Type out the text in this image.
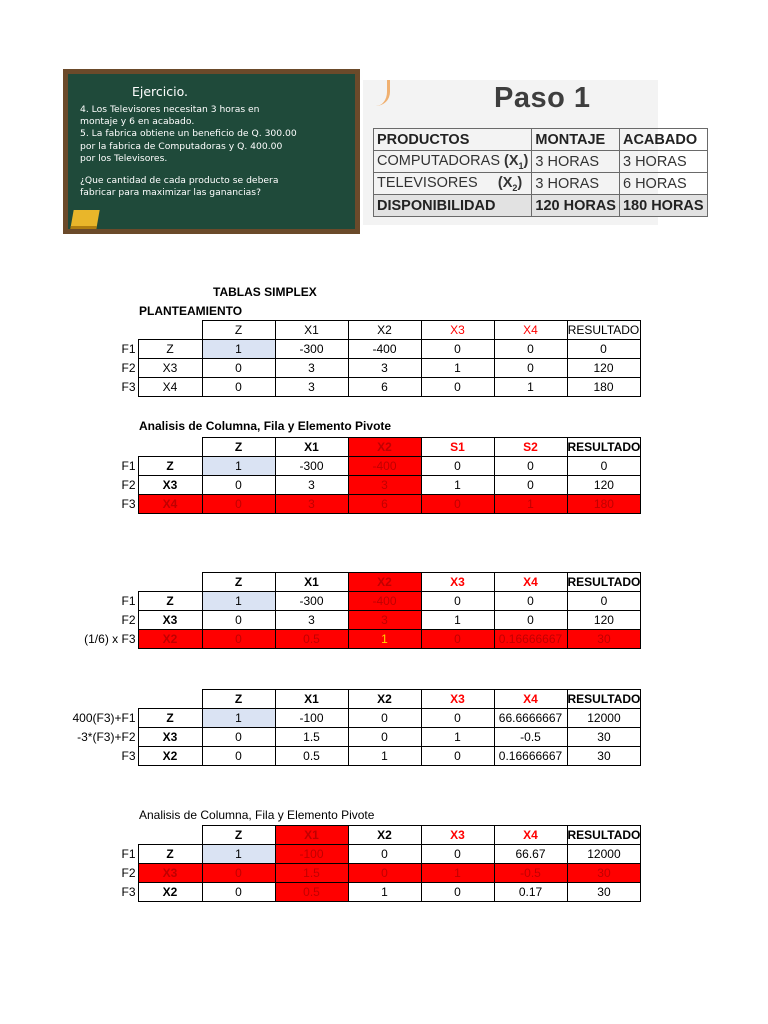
Ejercicio.
4. Los Televisores necesitan 3 horas en
montaje y 6 en acabado.
5. La fabrica obtiene un beneficio de Q. 300.00
por la fabrica de Computadoras y Q. 400.00
por los Televisores.
¿Que cantidad de cada producto se debera
fabricar para maximizar las ganancias?
Paso 1
PRODUCTOS	MONTAJE	ACABADO
COMPUTADORAS $(X_1)$	3 HORAS	3 HORAS
TELEVISORES $(X_2)$	3 HORAS	6 HORAS
DISPONIBILIDAD	120 HORAS	180 HORAS
TABLAS SIMPLEX
PLANTEAMIENTO
Analisis de Columna, Fila y Elemento Pivote
Analisis de Columna, Fila y Elemento Pivote
		Z	X1	X2	X3	X4	RESULTADO
F1	Z	1	-300	-400	0	0	0
F2	X3	0	3	3	1	0	120
F3	X4	0	3	6	0	1	180
		Z	X1	X2	S1	S2	RESULTADO
F1	Z	1	-300	-400	0	0	0
F2	X3	0	3	3	1	0	120
F3	X4	0	3	6	0	1	180
		Z	X1	X2	X3	X4	RESULTADO
F1	Z	1	-300	-400	0	0	0
F2	X3	0	3	3	1	0	120
(1/6) x F3	X2	0	0.5	1	0	0.16666667	30
		Z	X1	X2	X3	X4	RESULTADO
400(F3)+F1	Z	1	-100	0	0	66.6666667	12000
-3*(F3)+F2	X3	0	1.5	0	1	-0.5	30
F3	X2	0	0.5	1	0	0.16666667	30
		Z	X1	X2	X3	X4	RESULTADO
F1	Z	1	-100	0	0	66.67	12000
F2	X3	0	1.5	0	1	-0.5	30
F3	X2	0	0.5	1	0	0.17	30
